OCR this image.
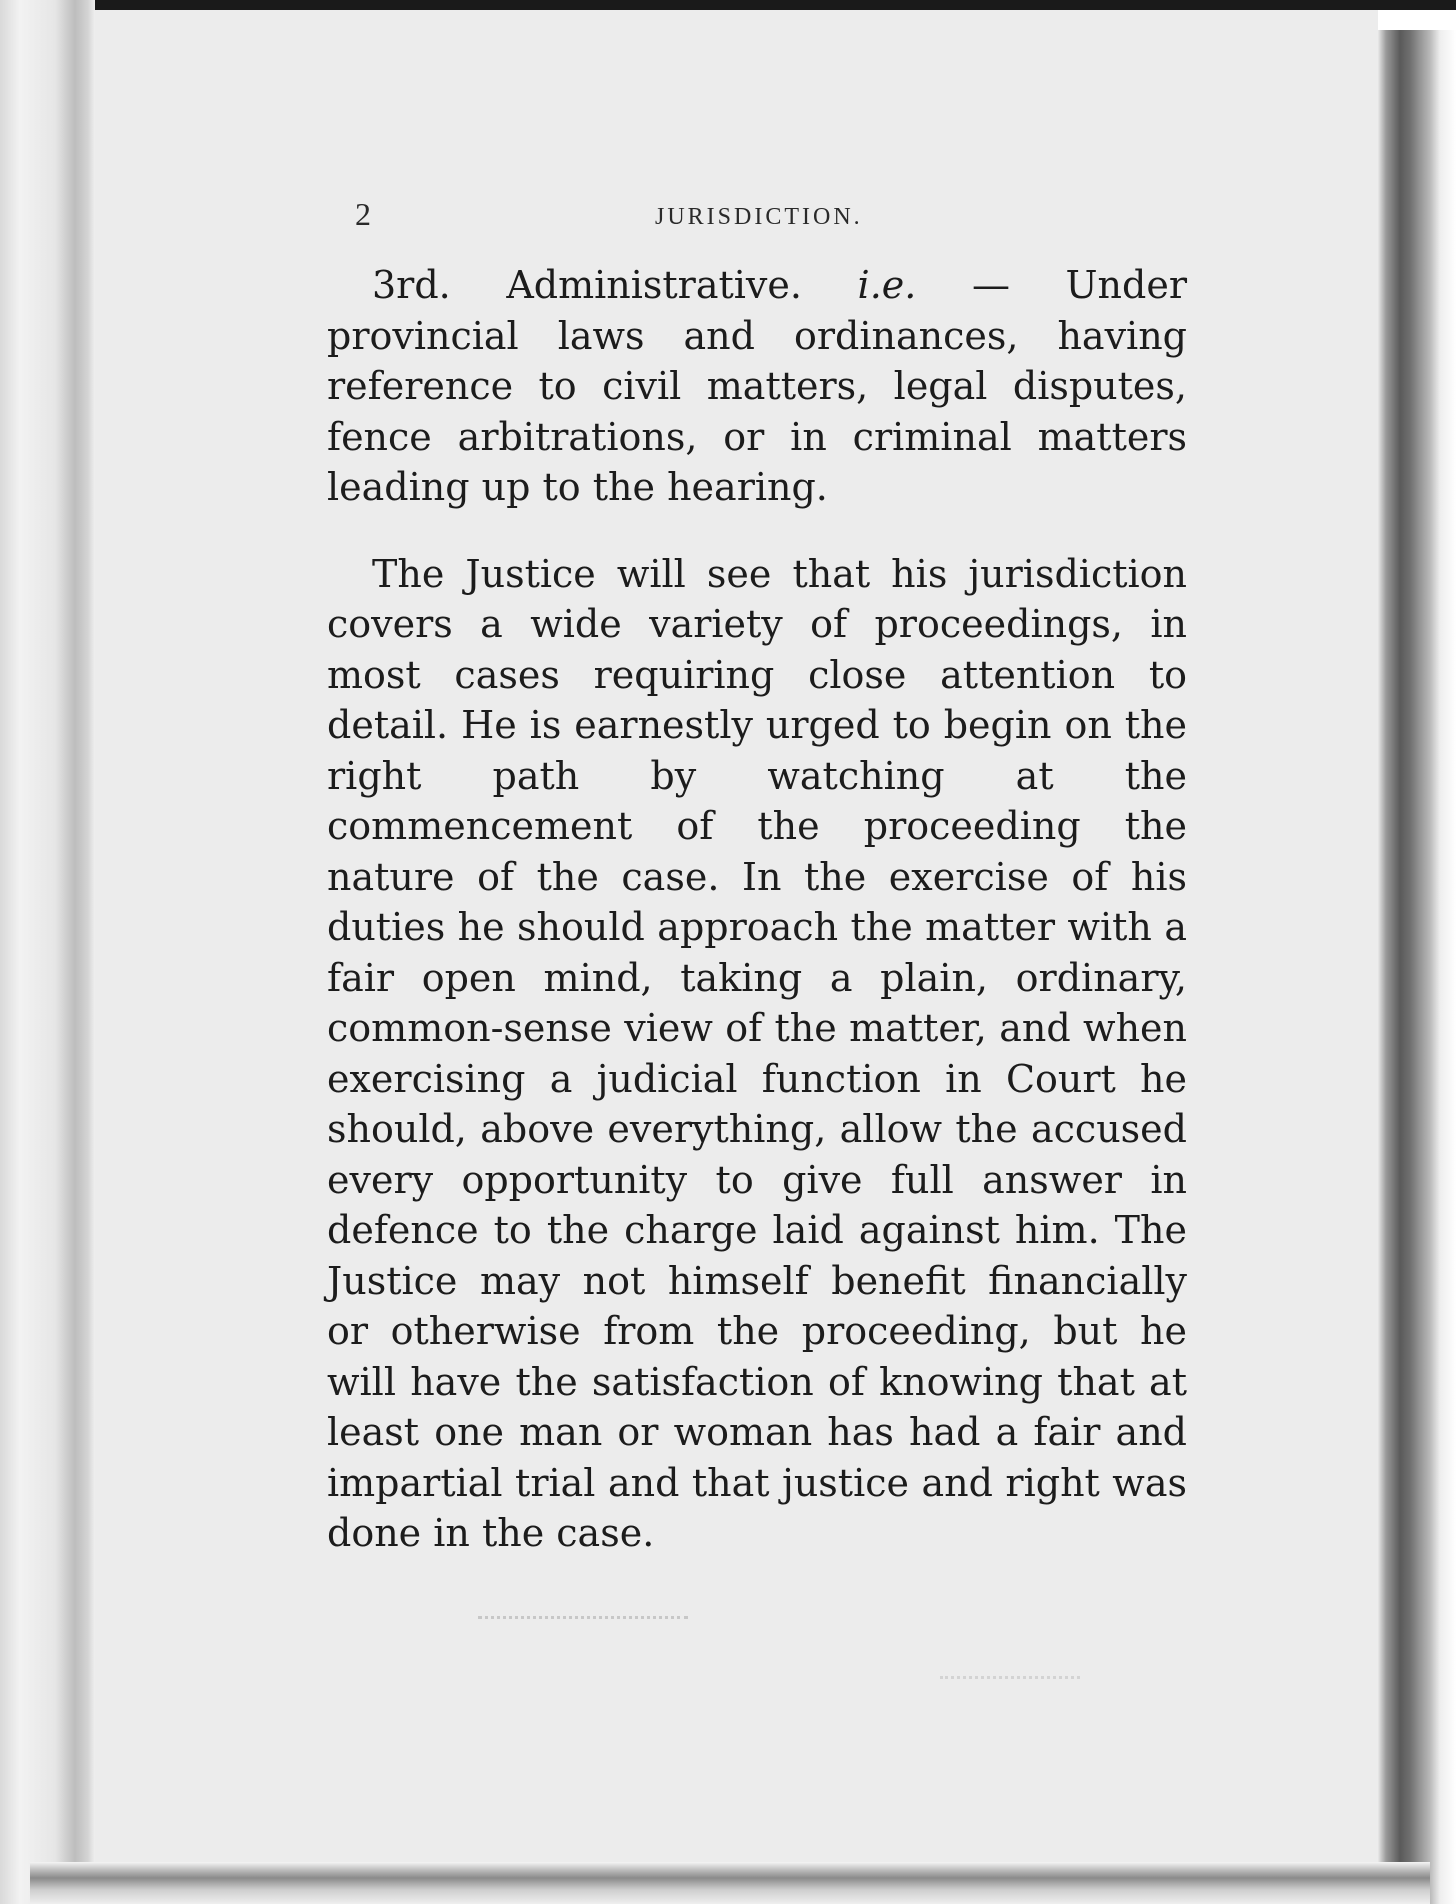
2	JURISDICTION.

3rd. Administrative. i.e. — Under provincial laws and ordinances, having reference to civil matters, legal disputes, fence arbitrations, or in criminal matters leading up to the hearing.

The Justice will see that his jurisdiction covers a wide variety of proceedings, in most cases requiring close attention to detail. He is earnestly urged to begin on the right path by watching at the commencement of the proceeding the nature of the case. In the exercise of his duties he should approach the matter with a fair open mind, taking a plain, ordinary, common-sense view of the matter, and when exercising a judicial function in Court he should, above everything, allow the accused every opportunity to give full answer in defence to the charge laid against him. The Justice may not himself benefit financially or otherwise from the proceeding, but he will have the satisfaction of knowing that at least one man or woman has had a fair and impartial trial and that justice and right was done in the case.
